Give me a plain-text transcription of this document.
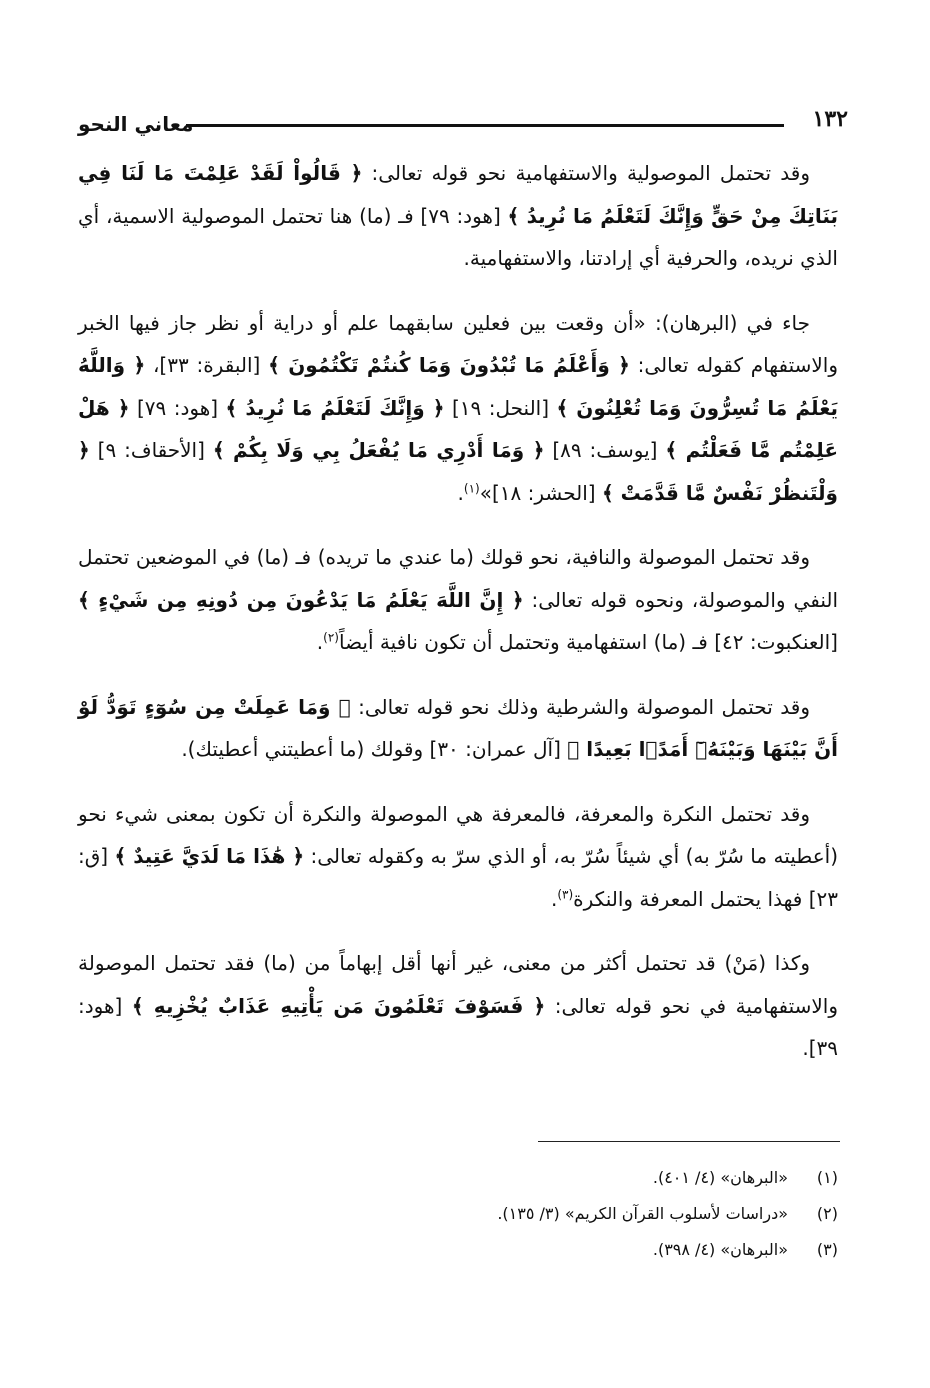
١٣٢
معاني النحو

وقد تحتمل الموصولية والاستفهامية نحو قوله تعالى: ﴿ قَالُواْ لَقَدْ عَلِمْتَ مَا لَنَا فِي بَنَاتِكَ مِنْ حَقٍّ وَإِنَّكَ لَتَعْلَمُ مَا نُرِيدُ ﴾ [هود: ٧٩] فـ (ما) هنا تحتمل الموصولية الاسمية، أي الذي نريده، والحرفية أي إرادتنا، والاستفهامية.

جاء في (البرهان): «أن وقعت بين فعلين سابقهما علم أو دراية أو نظر جاز فيها الخبر والاستفهام كقوله تعالى: ﴿ وَأَعْلَمُ مَا تُبْدُونَ وَمَا كُنتُمْ تَكْتُمُونَ ﴾ [البقرة: ٣٣]، ﴿ وَاللَّهُ يَعْلَمُ مَا تُسِرُّونَ وَمَا تُعْلِنُونَ ﴾ [النحل: ١٩] ﴿ وَإِنَّكَ لَتَعْلَمُ مَا نُرِيدُ ﴾ [هود: ٧٩] ﴿ هَلْ عَلِمْتُم مَّا فَعَلْتُم ﴾ [يوسف: ٨٩] ﴿ وَمَا أَدْرِي مَا يُفْعَلُ بِي وَلَا بِكُمْ ﴾ [الأحقاف: ٩] ﴿ وَلْتَنظُرْ نَفْسٌ مَّا قَدَّمَتْ ﴾ [الحشر: ١٨]»$^{(١)}$.

وقد تحتمل الموصولة والنافية، نحو قولك (ما عندي ما تريده) فـ (ما) في الموضعين تحتمل النفي والموصولة، ونحوه قوله تعالى: ﴿ إِنَّ اللَّهَ يَعْلَمُ مَا يَدْعُونَ مِن دُونِهِ مِن شَيْءٍ ﴾ [العنكبوت: ٤٢] فـ (ما) استفهامية وتحتمل أن تكون نافية أيضاً$^{(٢)}$.

وقد تحتمل الموصولة والشرطية وذلك نحو قوله تعالى: ﴿ وَمَا عَمِلَتْ مِن سُوٓءٍ تَوَدُّ لَوْ أَنَّ بَيْنَهَا وَبَيْنَهُۥٓ أَمَدًۢا بَعِيدًا ﴾ [آل عمران: ٣٠] وقولك (ما أعطيتني أعطيتك).

وقد تحتمل النكرة والمعرفة، فالمعرفة هي الموصولة والنكرة أن تكون بمعنى شيء نحو (أعطيته ما سُرّ به) أي شيئاً سُرّ به، أو الذي سرّ به وكقوله تعالى: ﴿ هَٰذَا مَا لَدَيَّ عَتِيدٌ ﴾ [ق: ٢٣] فهذا يحتمل المعرفة والنكرة$^{(٣)}$.

وكذا (مَنْ) قد تحتمل أكثر من معنى، غير أنها أقل إبهاماً من (ما) فقد تحتمل الموصولة والاستفهامية في نحو قوله تعالى: ﴿ فَسَوْفَ تَعْلَمُونَ مَن يَأْتِيهِ عَذَابٌ يُخْزِيهِ ﴾ [هود: ٣٩].

(١)«البرهان» (٤/ ٤٠١).
(٢)«دراسات لأسلوب القرآن الكريم» (٣/ ١٣٥).
(٣)«البرهان» (٤/ ٣٩٨).
